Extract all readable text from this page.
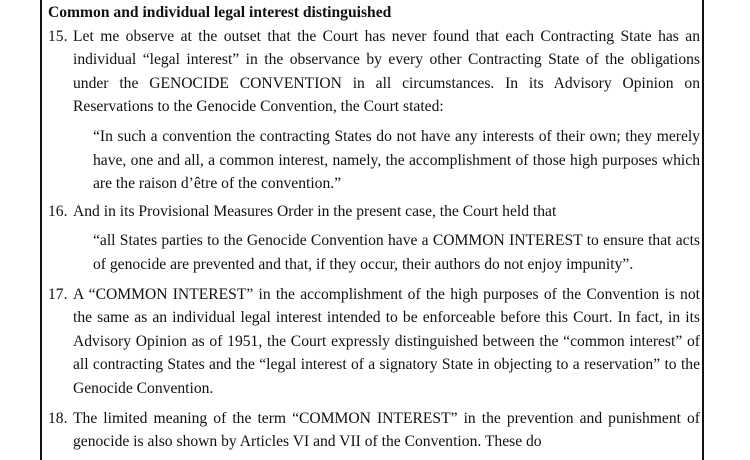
Common and individual legal interest distinguished

15. Let me observe at the outset that the Court has never found that each Contracting State has an individual “legal interest” in the observance by every other Contracting State of the obligations under the GENOCIDE CONVENTION in all circumstances. In its Advisory Opinion on Reservations to the Genocide Convention, the Court stated:

“In such a convention the contracting States do not have any interests of their own; they merely have, one and all, a common interest, namely, the accomplishment of those high purposes which are the raison d’être of the convention.”

16. And in its Provisional Measures Order in the present case, the Court held that

“all States parties to the Genocide Convention have a COMMON INTEREST to ensure that acts of genocide are prevented and that, if they occur, their authors do not enjoy impunity”.

17. A “COMMON INTEREST” in the accomplishment of the high purposes of the Convention is not the same as an individual legal interest intended to be enforceable before this Court. In fact, in its Advisory Opinion as of 1951, the Court expressly distinguished between the “common interest” of all contracting States and the “legal interest of a signatory State in objecting to a reservation” to the Genocide Convention.
18. The limited meaning of the term “COMMON INTEREST” in the prevention and punishment of genocide is also shown by Articles VI and VII of the Convention. These do
